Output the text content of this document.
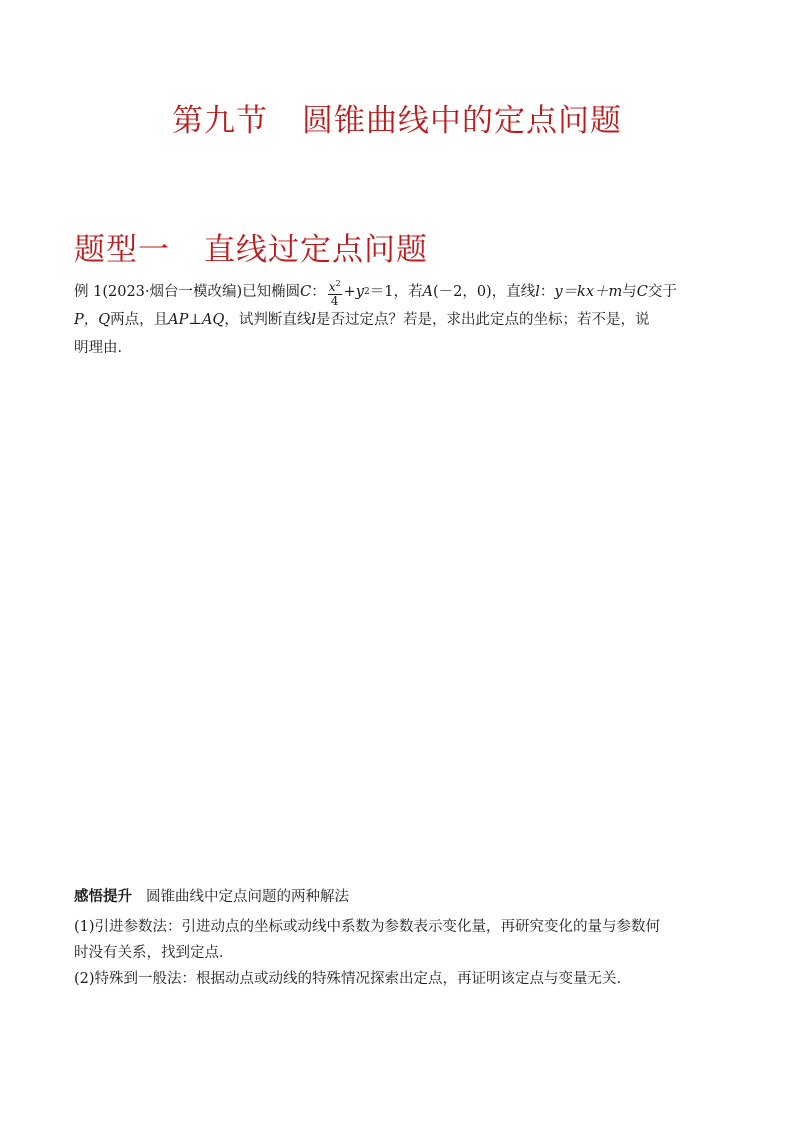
第九节 圆锥曲线中的定点问题
题型一 直线过定点问题
例 1 (2023·烟台一模改编) 已知椭圆 C ： $\frac{x^2}{4} +y$ 2 ＝1，若 A (－2，0) ，直线 l ： y＝kx＋m 与 C 交于
P，Q 两点，且 AP⊥AQ ，试判断直线 l 是否过定点？若是，求出此定点的坐标；若不是，说
明理由．
感悟提升 圆锥曲线中定点问题的两种解法
(1)引进参数法：引进动点的坐标或动线中系数为参数表示变化量，再研究变化的量与参数何
时没有关系，找到定点．
(2)特殊到一般法：根据动点或动线的特殊情况探索出定点，再证明该定点与变量无关．
